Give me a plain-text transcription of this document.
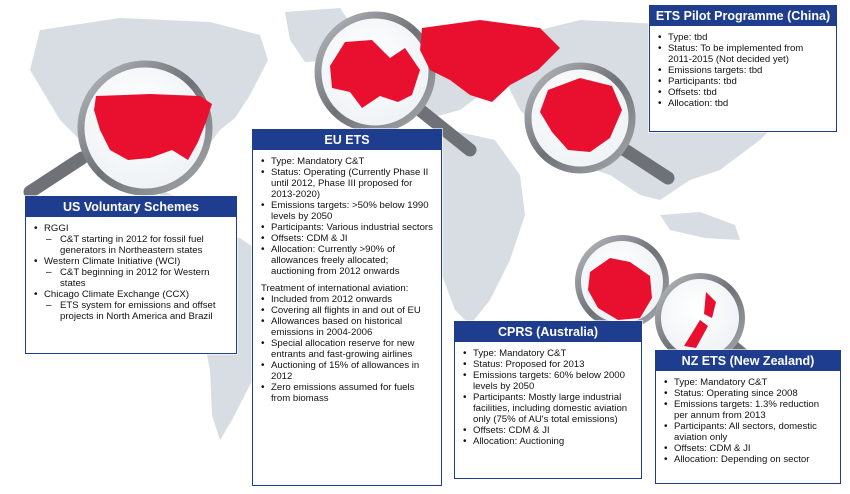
US Voluntary Schemes
• RGGI
– C&T starting in 2012 for fossil fuel generators in Northeastern states
• Western Climate Initiative (WCI)
– C&T beginning in 2012 for Western states
• Chicago Climate Exchange (CCX)
– ETS system for emissions and offset projects in North America and Brazil
EU ETS
• Type: Mandatory C&T
• Status: Operating (Currently Phase II until 2012, Phase III proposed for 2013-2020)
• Emissions targets: >50% below 1990 levels by 2050
• Participants: Various industrial sectors
• Offsets: CDM & JI
• Allocation: Currently >90% of allowances freely allocated; auctioning from 2012 onwards
Treatment of international aviation:
• Included from 2012 onwards
• Covering all flights in and out of EU
• Allowances based on historical emissions in 2004-2006
• Special allocation reserve for new entrants and fast-growing airlines
• Auctioning of 15% of allowances in 2012
• Zero emissions assumed for fuels from biomass
ETS Pilot Programme (China)
• Type: tbd
• Status: To be implemented from 2011-2015 (Not decided yet)
• Emissions targets: tbd
• Participants: tbd
• Offsets: tbd
• Allocation: tbd
CPRS (Australia)
• Type: Mandatory C&T
• Status: Proposed for 2013
• Emissions targets: 60% below 2000 levels by 2050
• Participants: Mostly large industrial facilities, including domestic aviation only (75% of AU's total emissions)
• Offsets: CDM & JI
• Allocation: Auctioning
NZ ETS (New Zealand)
• Type: Mandatory C&T
• Status: Operating since 2008
• Emissions targets: 1.3% reduction per annum from 2013
• Participants: All sectors, domestic aviation only
• Offsets: CDM & JI
• Allocation: Depending on sector
